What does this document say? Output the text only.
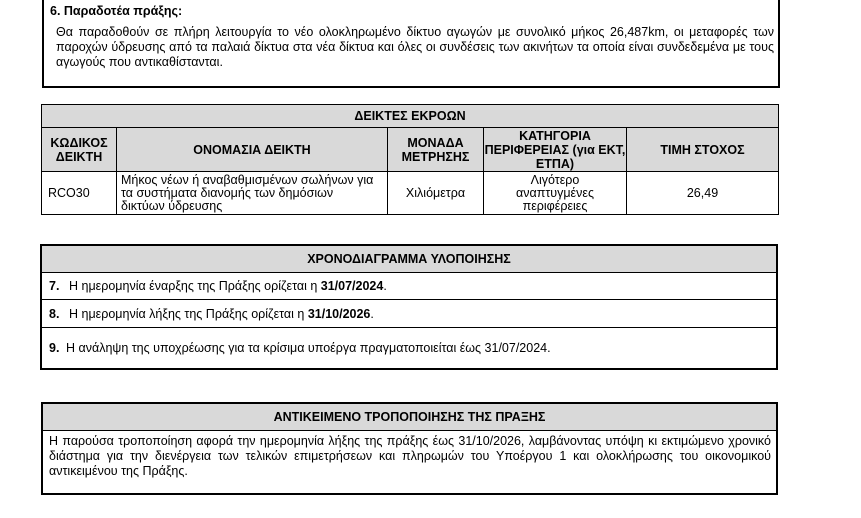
6. Παραδοτέα πράξης:
Θα παραδοθούν σε πλήρη λειτουργία το νέο ολοκληρωμένο δίκτυο αγωγών με συνολικό μήκος 26,487km, οι μεταφορές των παροχών ύδρευσης από τα παλαιά δίκτυα στα νέα δίκτυα και όλες οι συνδέσεις των ακινήτων τα οποία είναι συνδεδεμένα με τους αγωγούς που αντικαθίστανται.
ΔΕΙΚΤΕΣ ΕΚΡΟΩΝ				
ΚΩΔΙΚΟΣ ΔΕΙΚΤΗ	ΟΝΟΜΑΣΙΑ ΔΕΙΚΤΗ	ΜΟΝΑΔΑ ΜΕΤΡΗΣΗΣ	ΚΑΤΗΓΟΡΙΑ ΠΕΡΙΦΕΡΕΙΑΣ (για ΕΚΤ, ΕΤΠΑ)	ΤΙΜΗ ΣΤΟΧΟΣ
RCO30	Μήκος νέων ή αναβαθμισμένων σωλήνων για τα συστήματα διανομής των δημόσιων δικτύων ύδρευσης	Χιλιόμετρα	Λιγότερο αναπτυγμένες περιφέρειες	26,49
ΧΡΟΝΟΔΙΑΓΡΑΜΜΑ ΥΛΟΠΟΙΗΣΗΣ
7. Η ημερομηνία έναρξης της Πράξης ορίζεται η 31/07/2024.
8. Η ημερομηνία λήξης της Πράξης ορίζεται η 31/10/2026.
9. Η ανάληψη της υποχρέωσης για τα κρίσιμα υποέργα πραγματοποιείται έως 31/07/2024.
ΑΝΤΙΚΕΙΜΕΝΟ ΤΡΟΠΟΠΟΙΗΣΗΣ ΤΗΣ ΠΡΑΞΗΣ
Η παρούσα τροποποίηση αφορά την ημερομηνία λήξης της πράξης έως 31/10/2026, λαμβάνοντας υπόψη κι εκτιμώμενο χρονικό διάστημα για την διενέργεια των τελικών επιμετρήσεων και πληρωμών του Υποέργου 1 και ολοκλήρωσης του οικονομικού αντικειμένου της Πράξης.
